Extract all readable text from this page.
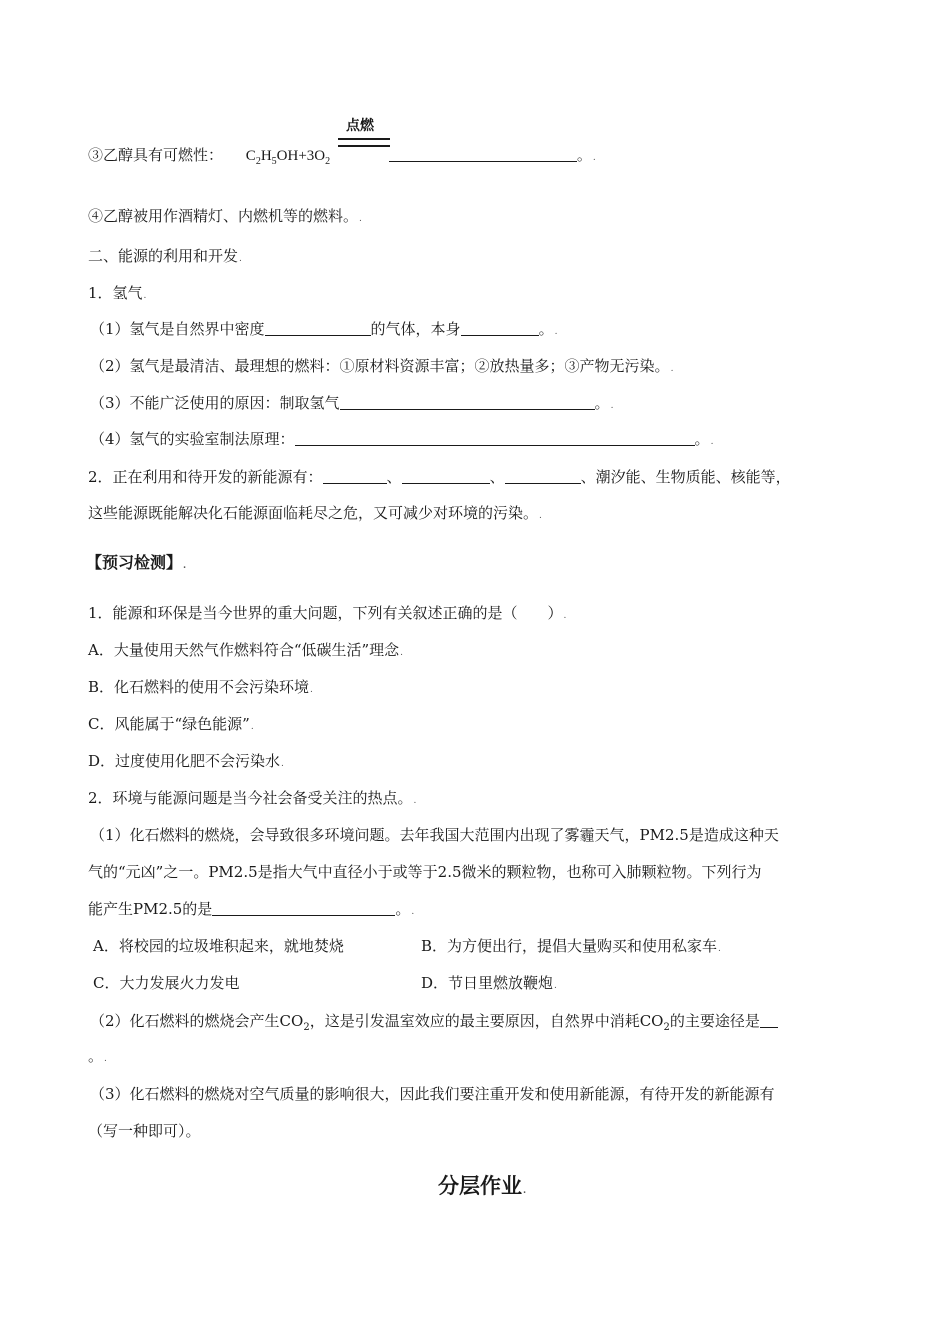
点燃
③乙醇具有可燃性： $C_2H_5OH+3O_2$	。.
④乙醇被用作酒精灯、内燃机等的燃料。.
二、能源的利用和开发.
1．氢气.
（1）氢气是自然界中密度	的气体，本身	。.
（2）氢气是最清洁、最理想的燃料：①原材料资源丰富；②放热量多；③产物无污染。.
（3）不能广泛使用的原因：制取氢气	。.
（4）氢气的实验室制法原理：	。.
2．正在利用和待开发的新能源有：	、	、	、潮汐能、生物质能、核能等，
这些能源既能解决化石能源面临耗尽之危，又可减少对环境的污染。.
【预习检测】.
1．能源和环保是当今世界的重大问题，下列有关叙述正确的是（　　）.
A．大量使用天然气作燃料符合“低碳生活”理念.
B．化石燃料的使用不会污染环境.
C．风能属于“绿色能源”.
D．过度使用化肥不会污染水.
2．环境与能源问题是当今社会备受关注的热点。.
（1）化石燃料的燃烧，会导致很多环境问题。去年我国大范围内出现了雾霾天气，PM2.5是造成这种天
气的“元凶”之一。PM2.5是指大气中直径小于或等于2.5微米的颗粒物，也称可入肺颗粒物。下列行为
能产生PM2.5的是	。.
A．将校园的垃圾堆积起来，就地焚烧	B．为方便出行，提倡大量购买和使用私家车.
C．大力发展火力发电	D．节日里燃放鞭炮.
（2）化石燃料的燃烧会产生$CO_2$，这是引发温室效应的最主要原因，自然界中消耗$CO_2$的主要途径是
。.
（3）化石燃料的燃烧对空气质量的影响很大，因此我们要注重开发和使用新能源，有待开发的新能源有
（写一种即可）。
分层作业.
